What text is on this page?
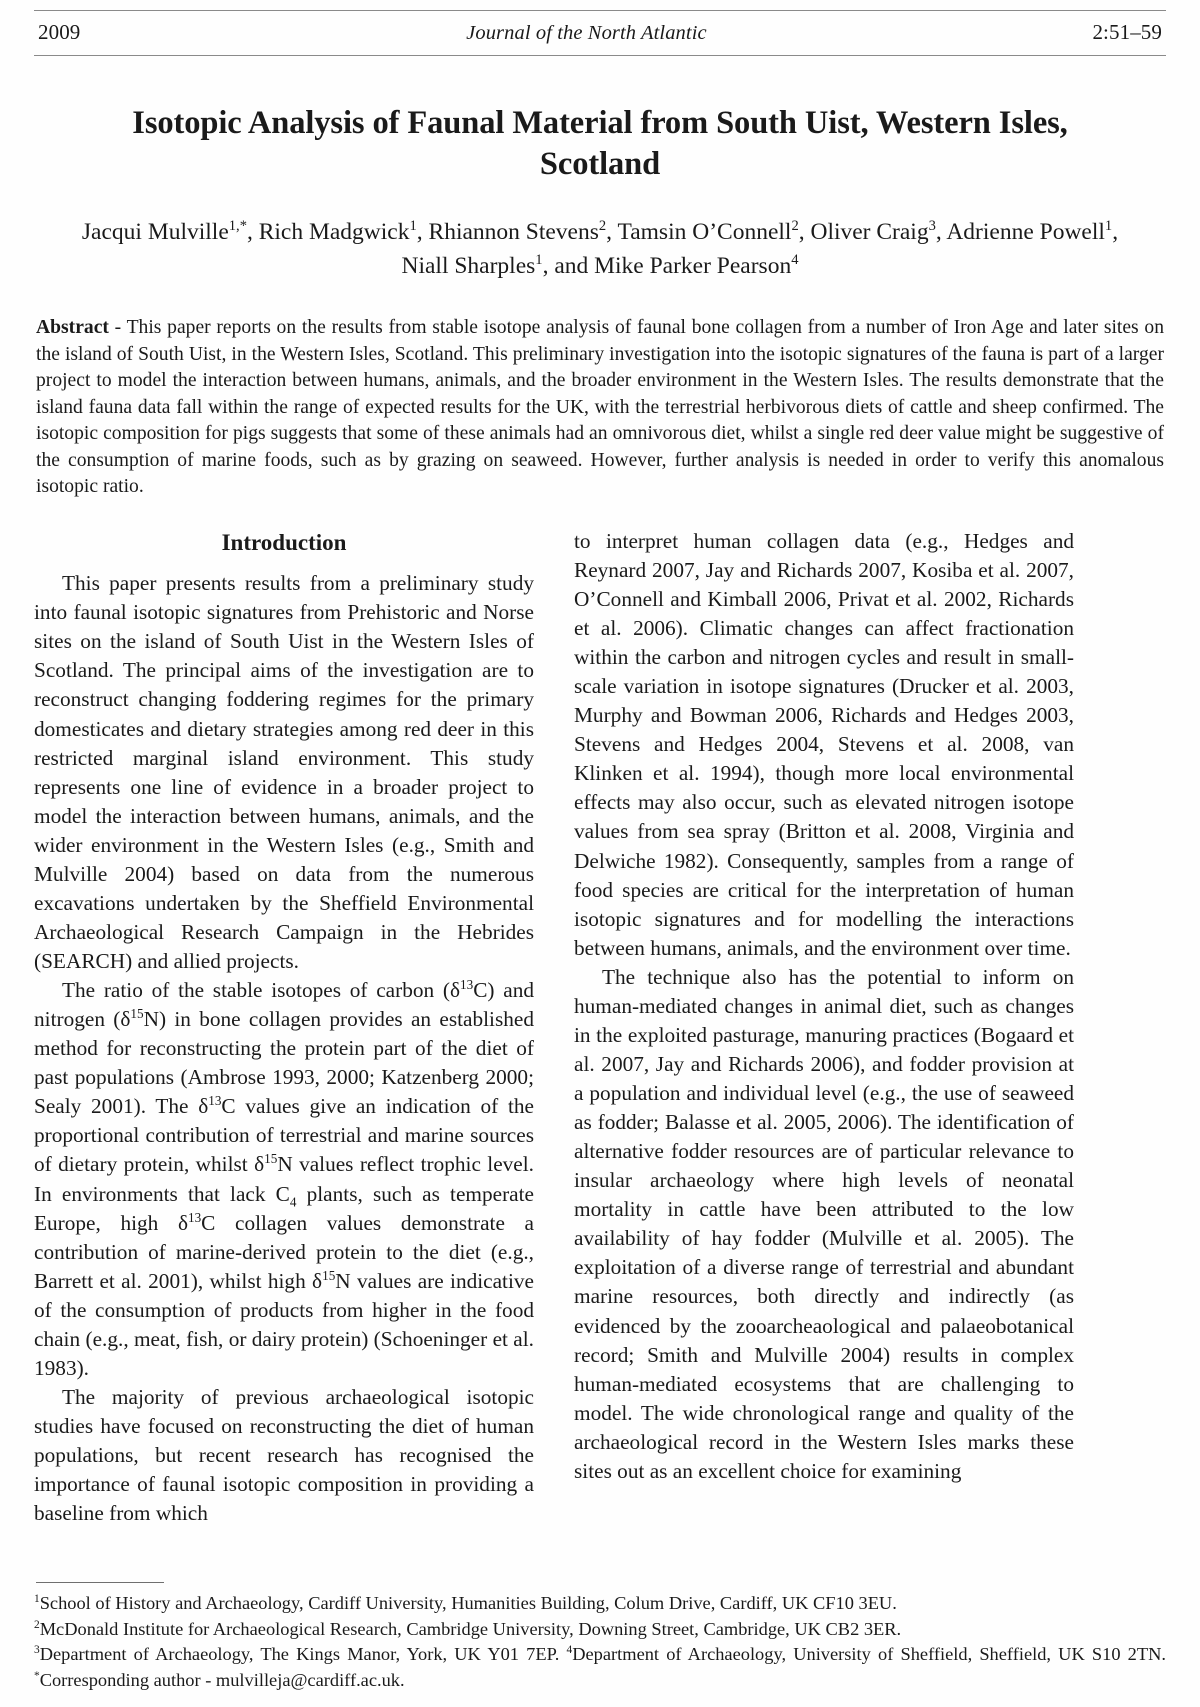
2009	Journal of the North Atlantic	2:51–59
Isotopic Analysis of Faunal Material from South Uist, Western Isles, Scotland
Jacqui Mulville$^{1,*}$, Rich Madgwick$^1$, Rhiannon Stevens$^2$, Tamsin O’Connell$^2$, Oliver Craig$^3$, Adrienne Powell$^1$,
Niall Sharples$^1$, and Mike Parker Pearson$^4$
Abstract - This paper reports on the results from stable isotope analysis of faunal bone collagen from a number of Iron Age and later sites on the island of South Uist, in the Western Isles, Scotland. This preliminary investigation into the isotopic signatures of the fauna is part of a larger project to model the interaction between humans, animals, and the broader environment in the Western Isles. The results demonstrate that the island fauna data fall within the range of expected results for the UK, with the terrestrial herbivorous diets of cattle and sheep confirmed. The isotopic composition for pigs suggests that some of these animals had an omnivorous diet, whilst a single red deer value might be suggestive of the consumption of marine foods, such as by grazing on seaweed. However, further analysis is needed in order to verify this anomalous isotopic ratio.
Introduction

This paper presents results from a preliminary study into faunal isotopic signatures from Prehistoric and Norse sites on the island of South Uist in the Western Isles of Scotland. The principal aims of the investigation are to reconstruct changing foddering regimes for the primary domesticates and dietary strategies among red deer in this restricted marginal island environment. This study represents one line of evidence in a broader project to model the interaction between humans, animals, and the wider environment in the Western Isles (e.g., Smith and Mulville 2004) based on data from the numerous excavations undertaken by the Sheffield Environmental Archaeological Research Campaign in the Hebrides (SEARCH) and allied projects.

The ratio of the stable isotopes of carbon $(\delta^{13}C)$ and nitrogen $(\delta^{15}N)$ in bone collagen provides an established method for reconstructing the protein part of the diet of past populations (Ambrose 1993, 2000; Katzenberg 2000; Sealy 2001). The $\delta^{13}C$ values give an indication of the proportional contribution of terrestrial and marine sources of dietary protein, whilst $\delta^{15}N$ values reflect trophic level. In environments that lack $C_4$ plants, such as temperate Europe, high $\delta^{13}C$ collagen values demonstrate a contribution of marine-derived protein to the diet (e.g., Barrett et al. 2001), whilst high $\delta^{15}N$ values are indicative of the consumption of products from higher in the food chain (e.g., meat, fish, or dairy protein) (Schoeninger et al. 1983).

The majority of previous archaeological isotopic studies have focused on reconstructing the diet of human populations, but recent research has recognised the importance of faunal isotopic composition in providing a baseline from which

to interpret human collagen data (e.g., Hedges and Reynard 2007, Jay and Richards 2007, Kosiba et al. 2007, O’Connell and Kimball 2006, Privat et al. 2002, Richards et al. 2006). Climatic changes can affect fractionation within the carbon and nitrogen cycles and result in small-scale variation in isotope signatures (Drucker et al. 2003, Murphy and Bowman 2006, Richards and Hedges 2003, Stevens and Hedges 2004, Stevens et al. 2008, van Klinken et al. 1994), though more local environmental effects may also occur, such as elevated nitrogen isotope values from sea spray (Britton et al. 2008, Virginia and Delwiche 1982). Consequently, samples from a range of food species are critical for the interpretation of human isotopic signatures and for modelling the interactions between humans, animals, and the environment over time.

The technique also has the potential to inform on human-mediated changes in animal diet, such as changes in the exploited pasturage, manuring practices (Bogaard et al. 2007, Jay and Richards 2006), and fodder provision at a population and individual level (e.g., the use of seaweed as fodder; Balasse et al. 2005, 2006). The identification of alternative fodder resources are of particular relevance to insular archaeology where high levels of neonatal mortality in cattle have been attributed to the low availability of hay fodder (Mulville et al. 2005). The exploitation of a diverse range of terrestrial and abundant marine resources, both directly and indirectly (as evidenced by the zooarcheaological and palaeobotanical record; Smith and Mulville 2004) results in complex human-mediated ecosystems that are challenging to model. The wide chronological range and quality of the archaeological record in the Western Isles marks these sites out as an excellent choice for examining

$^1$School of History and Archaeology, Cardiff University, Humanities Building, Colum Drive, Cardiff, UK CF10 3EU.

$^2$McDonald Institute for Archaeological Research, Cambridge University, Downing Street, Cambridge, UK CB2 3ER.

$^3$Department of Archaeology, The Kings Manor, York, UK Y01 7EP. $^4$Department of Archaeology, University of Sheffield, Sheffield, UK S10 2TN. *Corresponding author - mulvilleja@cardiff.ac.uk.
